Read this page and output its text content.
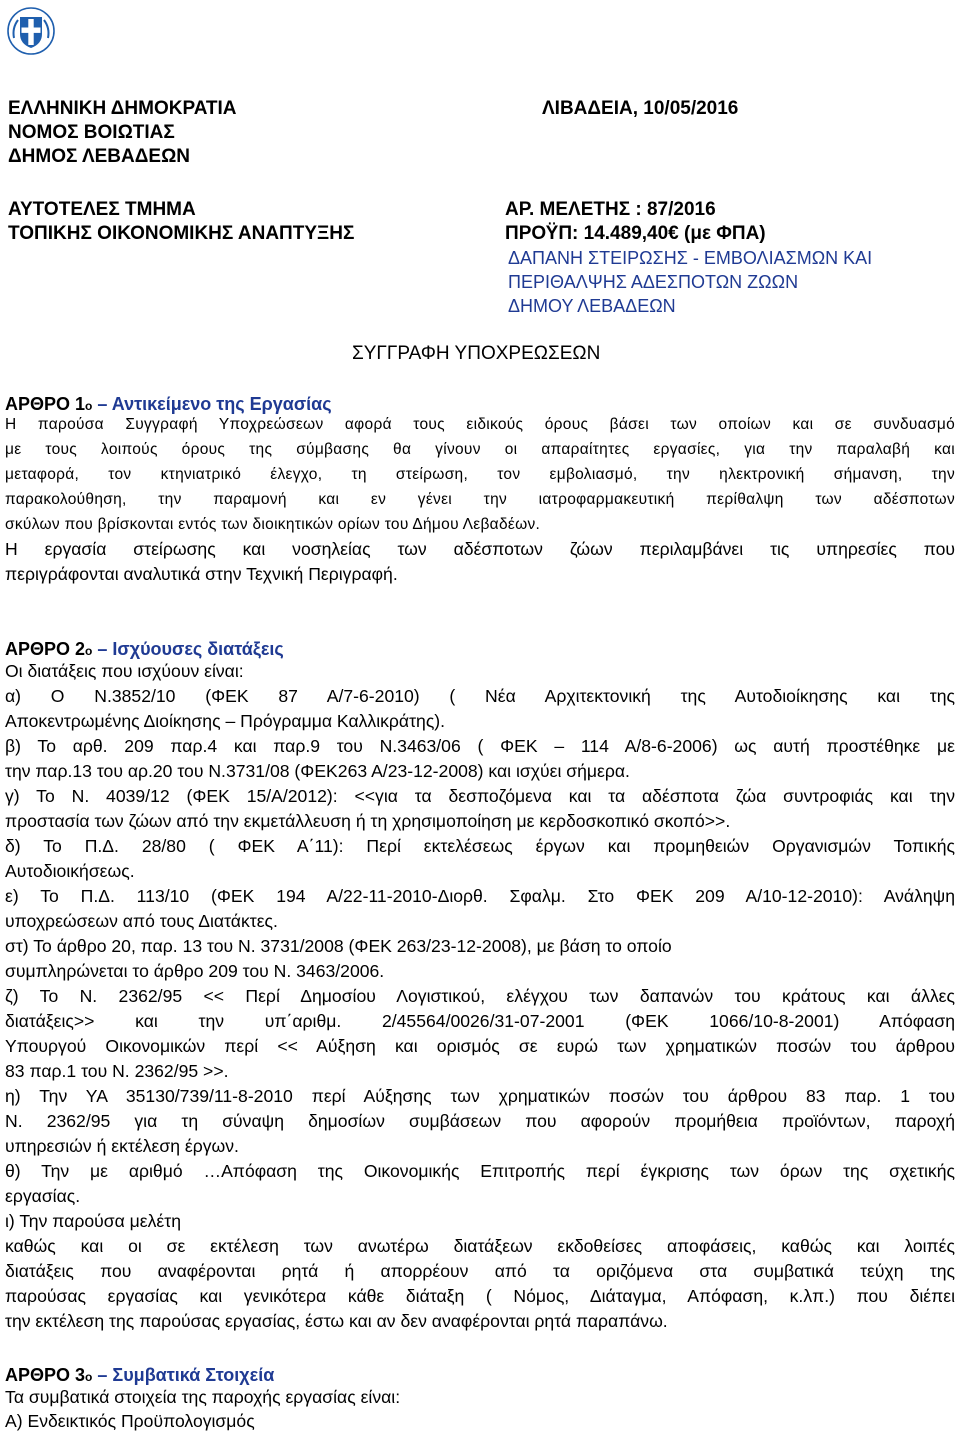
ΕΛΛΗΝΙΚΗ ΔΗΜΟΚΡΑΤΙΑ
ΝΟΜΟΣ ΒΟΙΩΤΙΑΣ
ΔΗΜΟΣ ΛΕΒΑΔΕΩΝ
ΛΙΒΑΔΕΙΑ, 10/05/2016
ΑΥΤΟΤΕΛΕΣ ΤΜΗΜΑ
ΤΟΠΙΚΗΣ ΟΙΚΟΝΟΜΙΚΗΣ ΑΝΑΠΤΥΞΗΣ
ΑΡ. ΜΕΛΕΤΗΣ : 87/2016
ΠΡΟΫΠ: 14.489,40€ (με ΦΠΑ)
ΔΑΠΑΝΗ ΣΤΕΙΡΩΣΗΣ - ΕΜΒΟΛΙΑΣΜΩΝ ΚΑΙ
ΠΕΡΙΘΑΛΨΗΣ ΑΔΕΣΠΟΤΩΝ ΖΩΩΝ
ΔΗΜΟΥ ΛΕΒΑΔΕΩΝ
ΣΥΓΓΡΑΦΗ ΥΠΟΧΡΕΩΣΕΩΝ
ΑΡΘΡΟ 1ο – Αντικείμενο της Εργασίας
Η παρούσα Συγγραφή Υποχρεώσεων αφορά τους ειδικούς όρους βάσει των οποίων και σε συνδυασμό
με τους λοιπούς όρους της σύμβασης θα γίνουν οι απαραίτητες εργασίες, για την παραλαβή και
μεταφορά, τον κτηνιατρικό έλεγχο, τη στείρωση, τον εμβολιασμό, την ηλεκτρονική σήμανση, την
παρακολούθηση, την παραμονή και εν γένει την ιατροφαρμακευτική περίθαλψη των αδέσποτων
σκύλων που βρίσκονται εντός των διοικητικών ορίων του Δήμου Λεβαδέων.
Η εργασία στείρωσης και νοσηλείας των αδέσποτων ζώων περιλαμβάνει τις υπηρεσίες που
περιγράφονται αναλυτικά στην Τεχνική Περιγραφή.
ΑΡΘΡΟ 2ο – Ισχύουσες διατάξεις
Οι διατάξεις που ισχύουν είναι:
α) Ο Ν.3852/10 (ΦΕΚ 87 Α/7-6-2010) ( Νέα Αρχιτεκτονική της Αυτοδιοίκησης και της
Αποκεντρωμένης Διοίκησης – Πρόγραμμα Καλλικράτης).
β) Το αρθ. 209 παρ.4 και παρ.9 του Ν.3463/06 ( ΦΕΚ – 114 Α/8-6-2006) ως αυτή προστέθηκε με
την παρ.13 του αρ.20 του Ν.3731/08 (ΦΕΚ263 Α/23-12-2008) και ισχύει σήμερα.
γ) Το Ν. 4039/12 (ΦΕΚ 15/Α/2012): <<για τα δεσποζόμενα και τα αδέσποτα ζώα συντροφιάς και την
προστασία των ζώων από την εκμετάλλευση ή τη χρησιμοποίηση με κερδοσκοπικό σκοπό>>.
δ) Το Π.Δ. 28/80 ( ΦΕΚ Α΄11): Περί εκτελέσεως έργων και προμηθειών Οργανισμών Τοπικής
Αυτοδιοικήσεως.
ε) Το Π.Δ. 113/10 (ΦΕΚ 194 Α/22-11-2010-Διορθ. Σφαλμ. Στο ΦΕΚ 209 Α/10-12-2010): Ανάληψη
υποχρεώσεων από τους Διατάκτες.
στ) Το άρθρο 20, παρ. 13 του Ν. 3731/2008 (ΦΕΚ 263/23-12-2008), με βάση το οποίο
συμπληρώνεται το άρθρο 209 του Ν. 3463/2006.
ζ) Το Ν. 2362/95 << Περί Δημοσίου Λογιστικού, ελέγχου των δαπανών του κράτους και άλλες
διατάξεις>> και την υπ΄αριθμ. 2/45564/0026/31-07-2001 (ΦΕΚ 1066/10-8-2001) Απόφαση
Υπουργού Οικονομικών περί << Αύξηση και ορισμός σε ευρώ των χρηματικών ποσών του άρθρου
83 παρ.1 του Ν. 2362/95 >>.
η) Την ΥΑ 35130/739/11-8-2010 περί Αύξησης των χρηματικών ποσών του άρθρου 83 παρ. 1 του
Ν. 2362/95 για τη σύναψη δημοσίων συμβάσεων που αφορούν προμήθεια προϊόντων, παροχή
υπηρεσιών ή εκτέλεση έργων.
θ) Την με αριθμό …Απόφαση της Οικονομικής Επιτροπής περί έγκρισης των όρων της σχετικής
εργασίας.
ι) Την παρούσα μελέτη
καθώς και οι σε εκτέλεση των ανωτέρω διατάξεων εκδοθείσες αποφάσεις, καθώς και λοιπές
διατάξεις που αναφέρονται ρητά ή απορρέουν από τα οριζόμενα στα συμβατικά τεύχη της
παρούσας εργασίας και γενικότερα κάθε διάταξη ( Νόμος, Διάταγμα, Απόφαση, κ.λπ.) που διέπει
την εκτέλεση της παρούσας εργασίας, έστω και αν δεν αναφέρονται ρητά παραπάνω.
ΑΡΘΡΟ 3ο – Συμβατικά Στοιχεία
Τα συμβατικά στοιχεία της παροχής εργασίας είναι:
Α) Ενδεικτικός Προϋπολογισμός
